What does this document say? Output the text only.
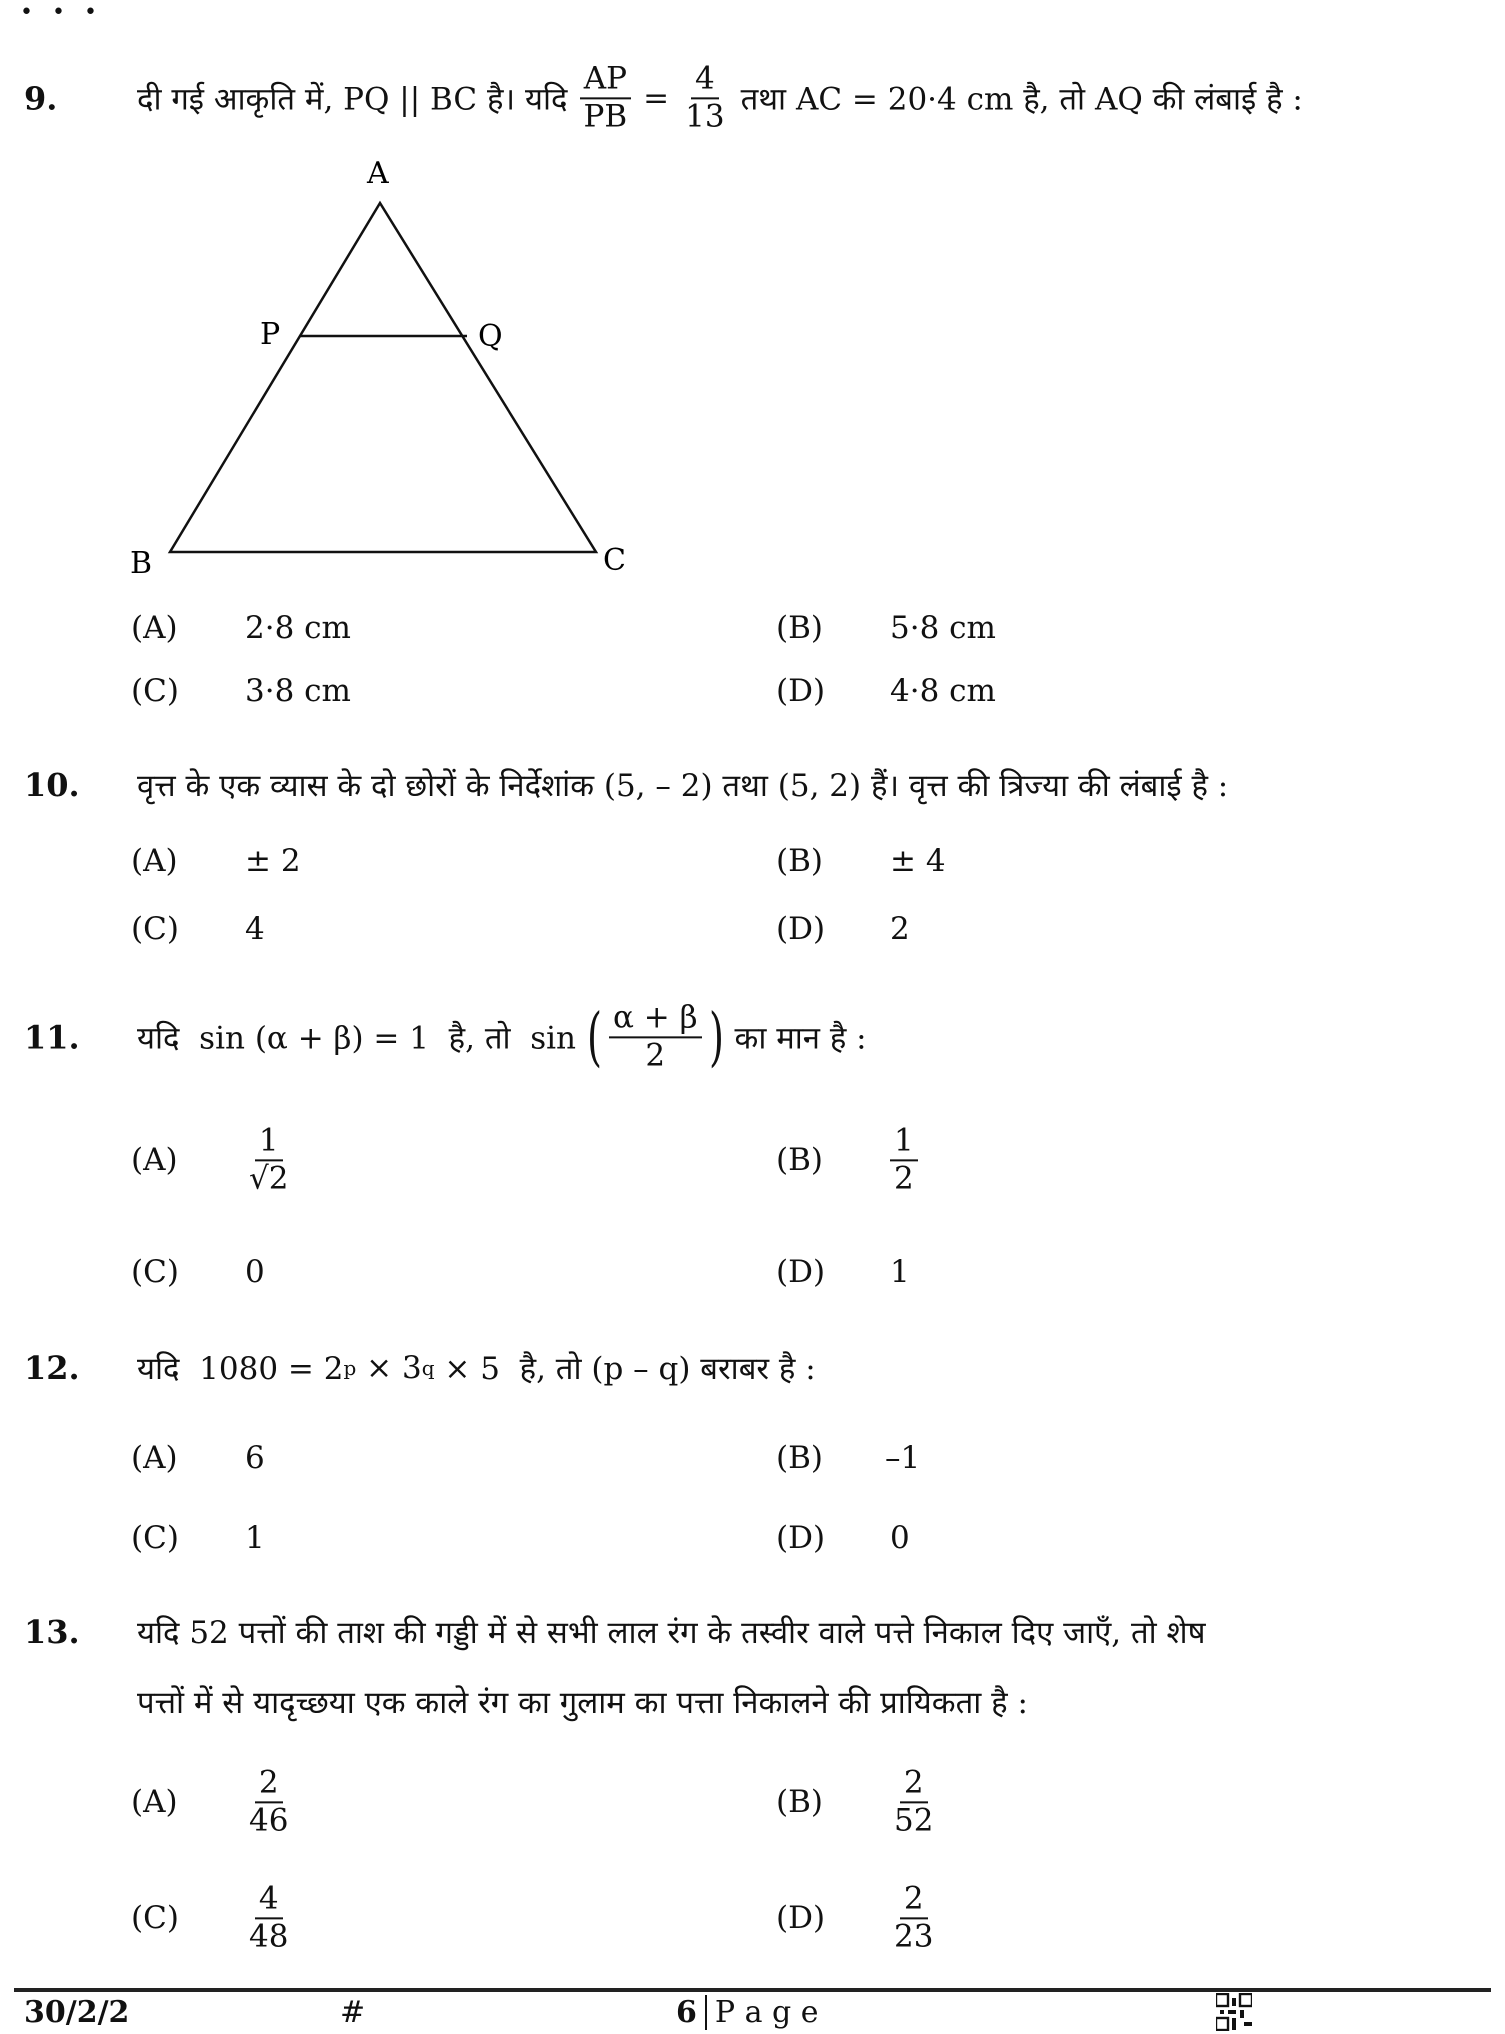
• • •
9.	दी गई आकृति में, PQ || BC है। यदि $\frac{AP}{PB} = \frac{4}{13}$ तथा AC = 20·4 cm है, तो AQ की लंबाई है :
A
P	Q
B	C
(A) 2·8 cm	(B) 5·8 cm
(C) 3·8 cm	(D) 4·8 cm
10.	वृत्त के एक व्यास के दो छोरों के निर्देशांक (5, – 2) तथा (5, 2) हैं। वृत्त की त्रिज्या की लंबाई है :
(A) ± 2	(B) ± 4
(C) 4	(D) 2
11.	यदि  sin (α + β) = 1  है, तो  sin ( $\frac{\alpha + \beta}{2}$ ) का मान है :
$(A) \frac{1}{√2}$	$(B) \frac{1}{2}$
(C) 0	(D) 1
12.	यदि  1080 = 2 p × 3 q × 5  है, तो (p – q) बराबर है :
(A) 6	(B) –1
(C) 1	(D) 0
13.	यदि 52 पत्तों की ताश की गड्डी में से सभी लाल रंग के तस्वीर वाले पत्ते निकाल दिए जाएँ, तो शेष
पत्तों में से यादृच्छया एक काले रंग का गुलाम का पत्ता निकालने की प्रायिकता है :
$(A) \frac{2}{46}$	$(B) \frac{2}{52}$
$(C) \frac{4}{48}$	$(D) \frac{2}{23}$
30/2/2	#	6 P a g e
